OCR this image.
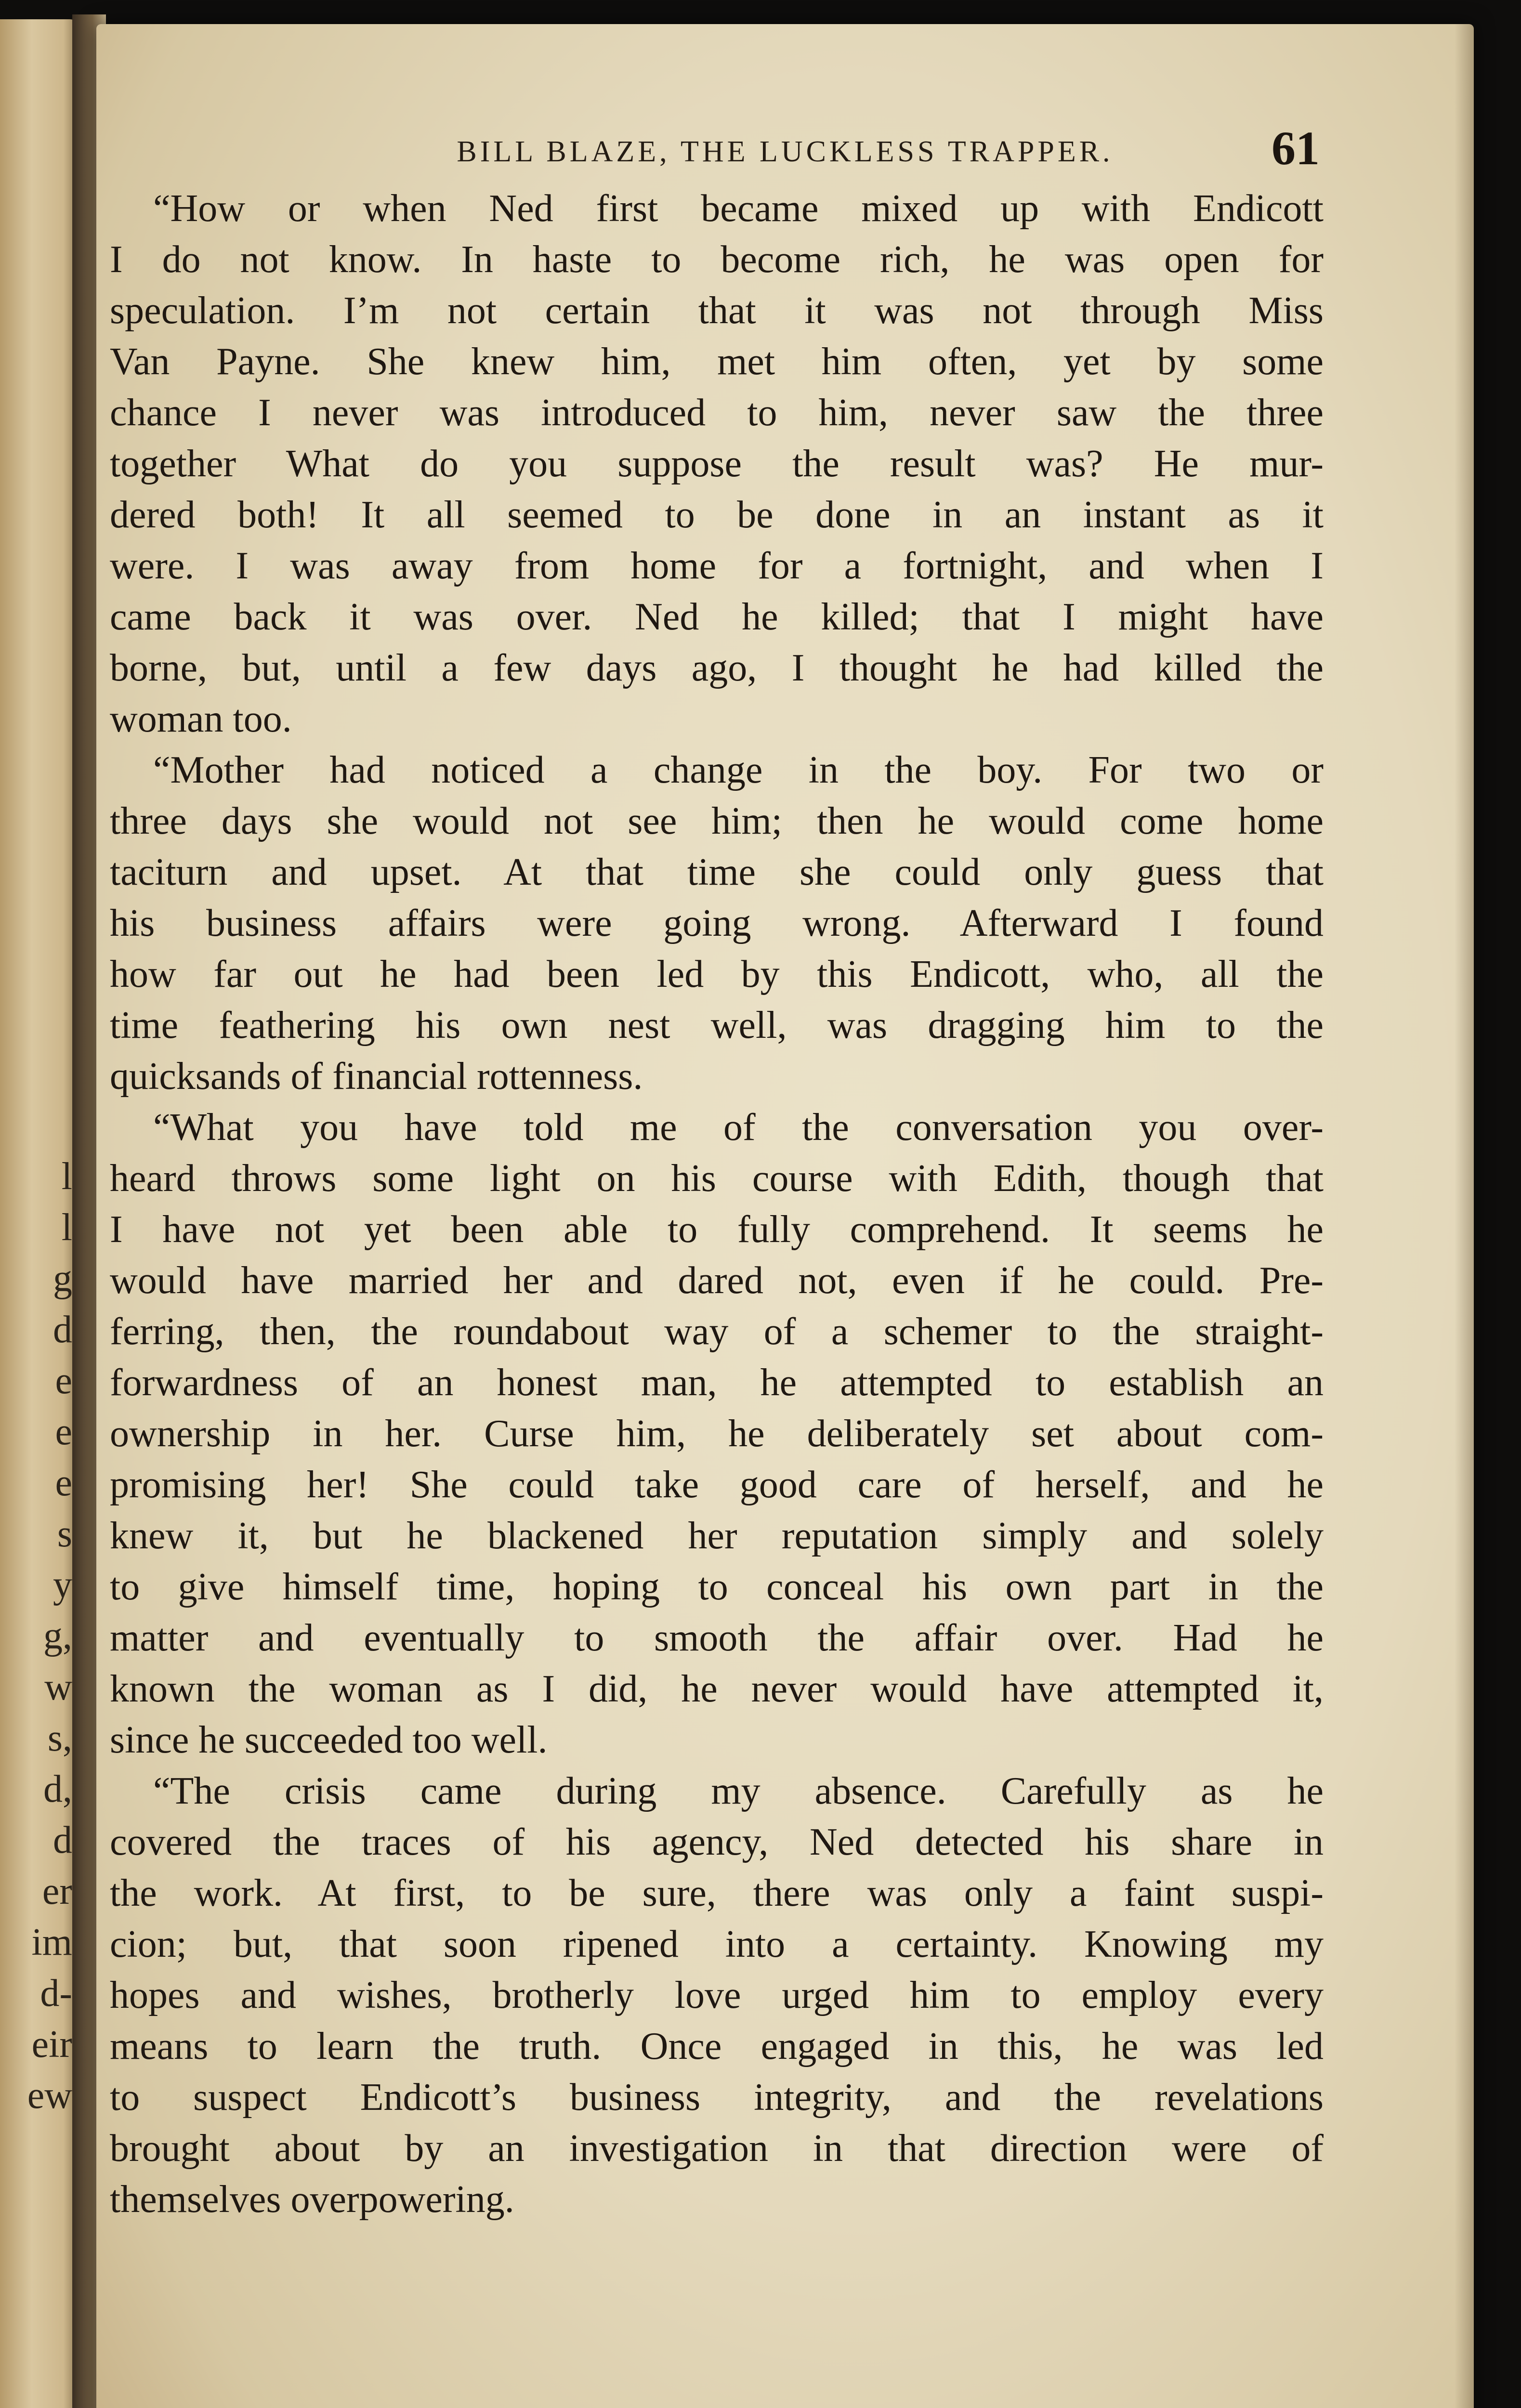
l
l
g
d
e
e
e
s
y
g,
w
s,
d,
d
er
im
d-
eir
ew
BILL BLAZE, THE LUCKLESS TRAPPER.	61
“How or when Ned first became mixed up with Endicott
I do not know. In haste to become rich, he was open for
speculation. I’m not certain that it was not through Miss
Van Payne. She knew him, met him often, yet by some
chance I never was introduced to him, never saw the three
together What do you suppose the result was? He mur-
dered both! It all seemed to be done in an instant as it
were. I was away from home for a fortnight, and when I
came back it was over. Ned he killed; that I might have
borne, but, until a few days ago, I thought he had killed the
woman too.
“Mother had noticed a change in the boy. For two or
three days she would not see him; then he would come home
taciturn and upset. At that time she could only guess that
his business affairs were going wrong. Afterward I found
how far out he had been led by this Endicott, who, all the
time feathering his own nest well, was dragging him to the
quicksands of financial rottenness.
“What you have told me of the conversation you over-
heard throws some light on his course with Edith, though that
I have not yet been able to fully comprehend. It seems he
would have married her and dared not, even if he could. Pre-
ferring, then, the roundabout way of a schemer to the straight-
forwardness of an honest man, he attempted to establish an
ownership in her. Curse him, he deliberately set about com-
promising her! She could take good care of herself, and he
knew it, but he blackened her reputation simply and solely
to give himself time, hoping to conceal his own part in the
matter and eventually to smooth the affair over. Had he
known the woman as I did, he never would have attempted it,
since he succeeded too well.
“The crisis came during my absence. Carefully as he
covered the traces of his agency, Ned detected his share in
the work. At first, to be sure, there was only a faint suspi-
cion; but, that soon ripened into a certainty. Knowing my
hopes and wishes, brotherly love urged him to employ every
means to learn the truth. Once engaged in this, he was led
to suspect Endicott’s business integrity, and the revelations
brought about by an investigation in that direction were of
themselves overpowering.
